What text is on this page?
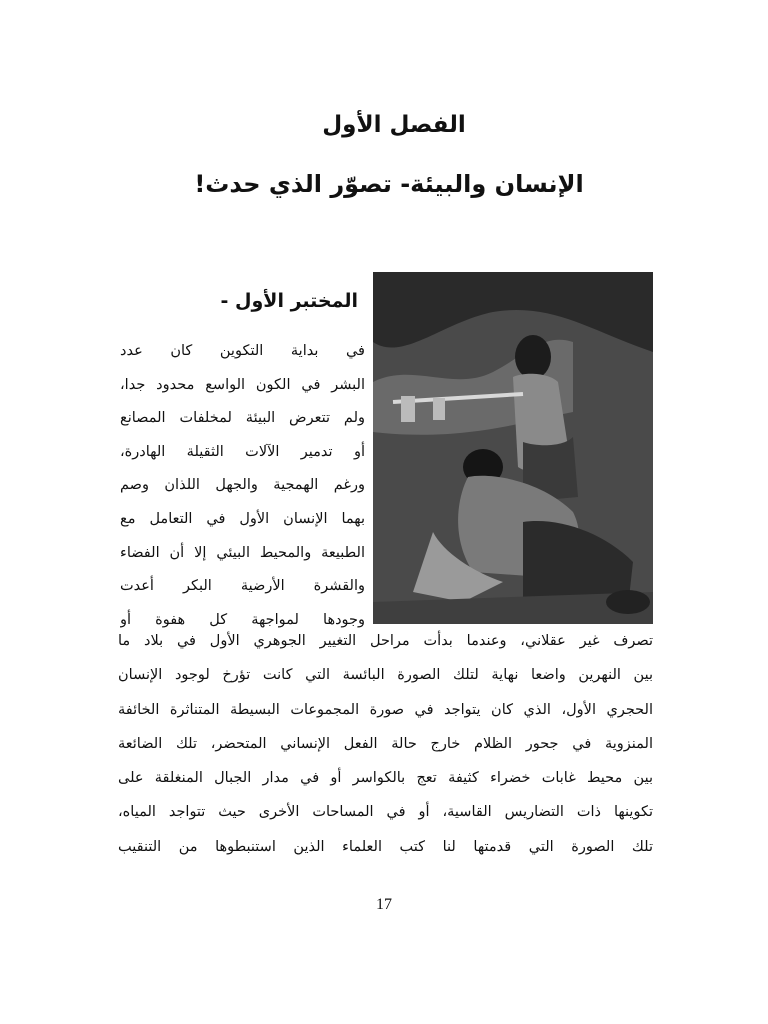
الفصل الأول
الإنسان والبيئة- تصوّر الذي حدث!
المختبر الأول -
في بداية التكوين كان عدد
البشر في الكون الواسع محدود جدا،
ولم تتعرض البيئة لمخلفات المصانع
أو تدمير الآلات الثقيلة الهادرة،
ورغم الهمجية والجهل اللذان وصم
بهما الإنسان الأول في التعامل مع
الطبيعة والمحيط البيئي إلا أن الفضاء
والقشرة الأرضية البكر أعدت
وجودها لمواجهة كل هفوة أو
تصرف غير عقلاني، وعندما بدأت مراحل التغيير الجوهري الأول في بلاد ما
بين النهرين واضعا نهاية لتلك الصورة البائسة التي كانت تؤرخ لوجود الإنسان
الحجري الأول، الذي كان يتواجد في صورة المجموعات البسيطة المتناثرة الخائفة
المنزوية في جحور الظلام خارج حالة الفعل الإنساني المتحضر، تلك الضائعة
بين محيط غابات خضراء كثيفة تعج بالكواسر أو في مدار الجبال المنغلقة على
تكوينها ذات التضاريس القاسية، أو في المساحات الأخرى حيث تتواجد المياه،
تلك الصورة التي قدمتها لنا كتب العلماء الذين استنبطوها من التنقيب
17
